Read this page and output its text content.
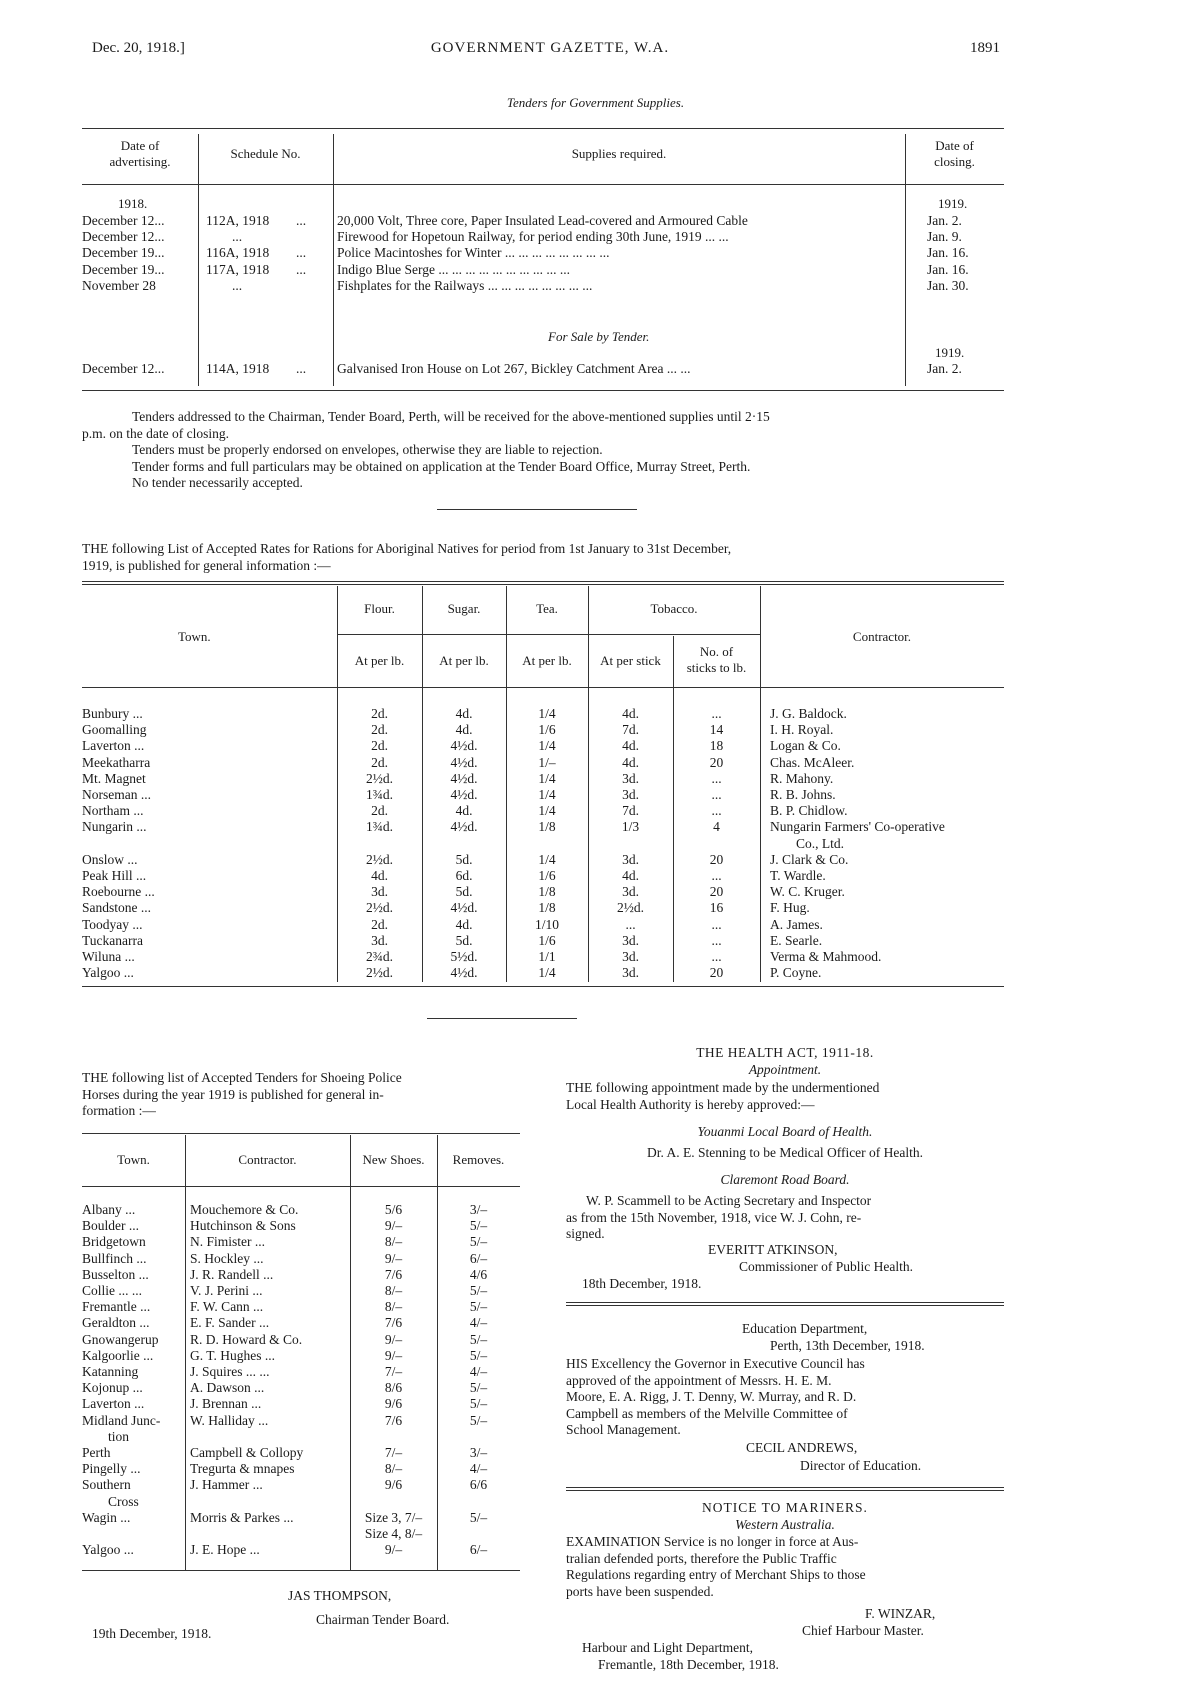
Dec. 20, 1918.]	GOVERNMENT GAZETTE, W.A.	1891
Tenders for Government Supplies.
Date of
advertising.
Schedule No.	Supplies required.
Date of
closing.
1918.	1919.
December 12...	112A, 1918	...	20,000 Volt, Three core, Paper Insulated Lead-covered and Armoured Cable	Jan. 2.
December 12...	...		Firewood for Hopetoun Railway, for period ending 30th June, 1919 ... ...	Jan. 9.
December 19...	116A, 1918	...	Police Macintoshes for Winter ... ... ... ... ... ... ... ...	Jan. 16.
December 19...	117A, 1918	...	Indigo Blue Serge ... ... ... ... ... ... ... ... ... ...	Jan. 16.
November 28	...		Fishplates for the Railways ... ... ... ... ... ... ... ...	Jan. 30.
For Sale by Tender.
1919.
December 12...	114A, 1918	...	Galvanised Iron House on Lot 267, Bickley Catchment Area ... ...	Jan. 2.
Tenders addressed to the Chairman, Tender Board, Perth, will be received for the above-mentioned supplies until 2·15
p.m. on the date of closing.
Tenders must be properly endorsed on envelopes, otherwise they are liable to rejection.
Tender forms and full particulars may be obtained on application at the Tender Board Office, Murray Street, Perth.
No tender necessarily accepted.
THE following List of Accepted Rates for Rations for Aboriginal Natives for period from 1st January to 31st December,
1919, is published for general information :—
Town.
Flour.	Sugar.	Tea.	Tobacco.
At per lb.	At per lb.	At per lb.	At per stick
No. of
sticks to lb.
Contractor.
Bunbury ...	2d.	4d.	1/4	4d.	...	J. G. Baldock.
Goomalling	2d.	4d.	1/6	7d.	14	I. H. Royal.
Laverton ...	2d.	4½d.	1/4	4d.	18	Logan & Co.
Meekatharra	2d.	4½d.	1/–	4d.	20	Chas. McAleer.
Mt. Magnet	2½d.	4½d.	1/4	3d.	...	R. Mahony.
Norseman ...	1¾d.	4½d.	1/4	3d.	...	R. B. Johns.
Northam ...	2d.	4d.	1/4	7d.	...	B. P. Chidlow.
Nungarin ...	1¾d.	4½d.	1/8	1/3	4	Nungarin Farmers' Co-operative
Co., Ltd.

Onslow ...	2½d.	5d.	1/4	3d.	20	J. Clark & Co.
Peak Hill ...	4d.	6d.	1/6	4d.	...	T. Wardle.
Roebourne ...	3d.	5d.	1/8	3d.	20	W. C. Kruger.
Sandstone ...	2½d.	4½d.	1/8	2½d.	16	F. Hug.
Toodyay ...	2d.	4d.	1/10	...	...	A. James.
Tuckanarra	3d.	5d.	1/6	3d.	...	E. Searle.
Wiluna ...	2¾d.	5½d.	1/1	3d.	...	Verma & Mahmood.
Yalgoo ...	2½d.	4½d.	1/4	3d.	20	P. Coyne.
THE following list of Accepted Tenders for Shoeing Police
Horses during the year 1919 is published for general in-
formation :—
Town.	Contractor.	New Shoes.	Removes.
Albany ...	Mouchemore & Co.	5/6	3/–

Boulder ...	Hutchinson & Sons	9/–	5/–

Bridgetown	N. Fimister ...	8/–	5/–

Bullfinch ...	S. Hockley ...	9/–	6/–

Busselton ...	J. R. Randell ...	7/6	4/6

Collie ... ...	V. J. Perini ...	8/–	5/–

Fremantle ...	F. W. Cann ...	8/–	5/–

Geraldton ...	E. F. Sander ...	7/6	4/–

Gnowangerup	R. D. Howard & Co.	9/–	5/–

Kalgoorlie ...	G. T. Hughes ...	9/–	5/–

Katanning	J. Squires ... ...	7/–	4/–

Kojonup ...	A. Dawson ...	8/6	5/–

Laverton ...	J. Brennan ...	9/6	5/–

Midland Junc-
tion	W. Halliday ...	7/6	5/–

Perth	Campbell & Collopy	7/–	3/–

Pingelly ...	Tregurta & mnapes	8/–	4/–

Southern
Cross	J. Hammer ...	9/6	6/6

Wagin ...	Morris & Parkes ...	Size 3, 7/–
Size 4, 8/–	5/–

Yalgoo ...	J. E. Hope ...	9/–	6/–
JAS THOMPSON,
Chairman Tender Board.
19th December, 1918.
THE HEALTH ACT, 1911-18.
Appointment.
THE following appointment made by the undermentioned
Local Health Authority is hereby approved:—
Youanmi Local Board of Health.
Dr. A. E. Stenning to be Medical Officer of Health.
Claremont Road Board.
W. P. Scammell to be Acting Secretary and Inspector
as from the 15th November, 1918, vice W. J. Cohn, re-
signed.
EVERITT ATKINSON,
Commissioner of Public Health.
18th December, 1918.
Education Department,
Perth, 13th December, 1918.
HIS Excellency the Governor in Executive Council has
approved of the appointment of Messrs. H. E. M.
Moore, E. A. Rigg, J. T. Denny, W. Murray, and R. D.
Campbell as members of the Melville Committee of
School Management.
CECIL ANDREWS,
Director of Education.
NOTICE TO MARINERS.
Western Australia.
EXAMINATION Service is no longer in force at Aus-
tralian defended ports, therefore the Public Traffic
Regulations regarding entry of Merchant Ships to those
ports have been suspended.
F. WINZAR,
Chief Harbour Master.
Harbour and Light Department,
Fremantle, 18th December, 1918.
